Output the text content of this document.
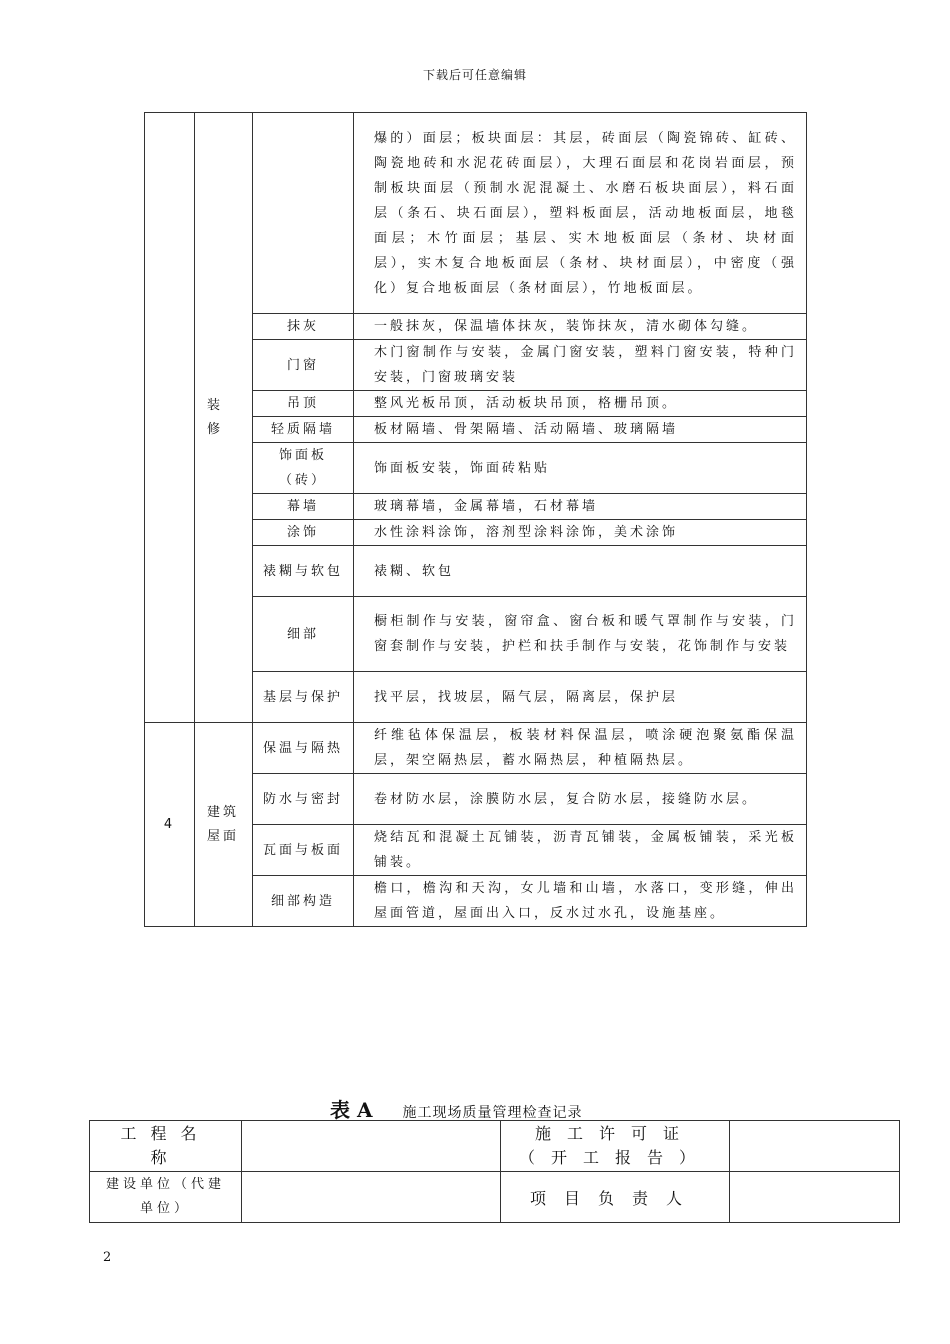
下载后可任意编辑

	装修		爆的）面层；板块面层：其层，砖面层（陶瓷锦砖、缸砖、陶瓷地砖和水泥花砖面层），大理石面层和花岗岩面层，预制板块面层（预制水泥混凝土、水磨石板块面层），料石面层（条石、块石面层），塑料板面层，活动地板面层，地毯面层；木竹面层；基层、实木地板面层（条材、块材面层），实木复合地板面层（条材、块材面层），中密度（强化）复合地板面层（条材面层），竹地板面层。
		抹灰	一般抹灰，保温墙体抹灰，装饰抹灰，清水砌体勾缝。
		门窗	木门窗制作与安装，金属门窗安装，塑料门窗安装，特种门安装，门窗玻璃安装
		吊顶	整风光板吊顶，活动板块吊顶，格栅吊顶。
		轻质隔墙	板材隔墙、骨架隔墙、活动隔墙、玻璃隔墙
		饰面板（砖）	饰面板安装，饰面砖粘贴
		幕墙	玻璃幕墙，金属幕墙，石材幕墙
		涂饰	水性涂料涂饰，溶剂型涂料涂饰，美术涂饰
		裱糊与软包	裱糊、软包
		细部	橱柜制作与安装，窗帘盒、窗台板和暖气罩制作与安装，门窗套制作与安装，护栏和扶手制作与安装，花饰制作与安装
		基层与保护	找平层，找坡层，隔气层，隔离层，保护层
4	建筑屋面	保温与隔热	纤维毡体保温层，板装材料保温层，喷涂硬泡聚氨酯保温层，架空隔热层，蓄水隔热层，种植隔热层。
		防水与密封	卷材防水层，涂膜防水层，复合防水层，接缝防水层。
		瓦面与板面	烧结瓦和混凝土瓦铺装，沥青瓦铺装，金属板铺装，采光板铺装。
		细部构造	檐口，檐沟和天沟，女儿墙和山墙，水落口，变形缝，伸出屋面管道，屋面出入口，反水过水孔，设施基座。
表 A 施工现场质量管理检查记录
工程名称		施工许可证
（开工报告）	

建设单位（代建单位）		项目负责人	

2
